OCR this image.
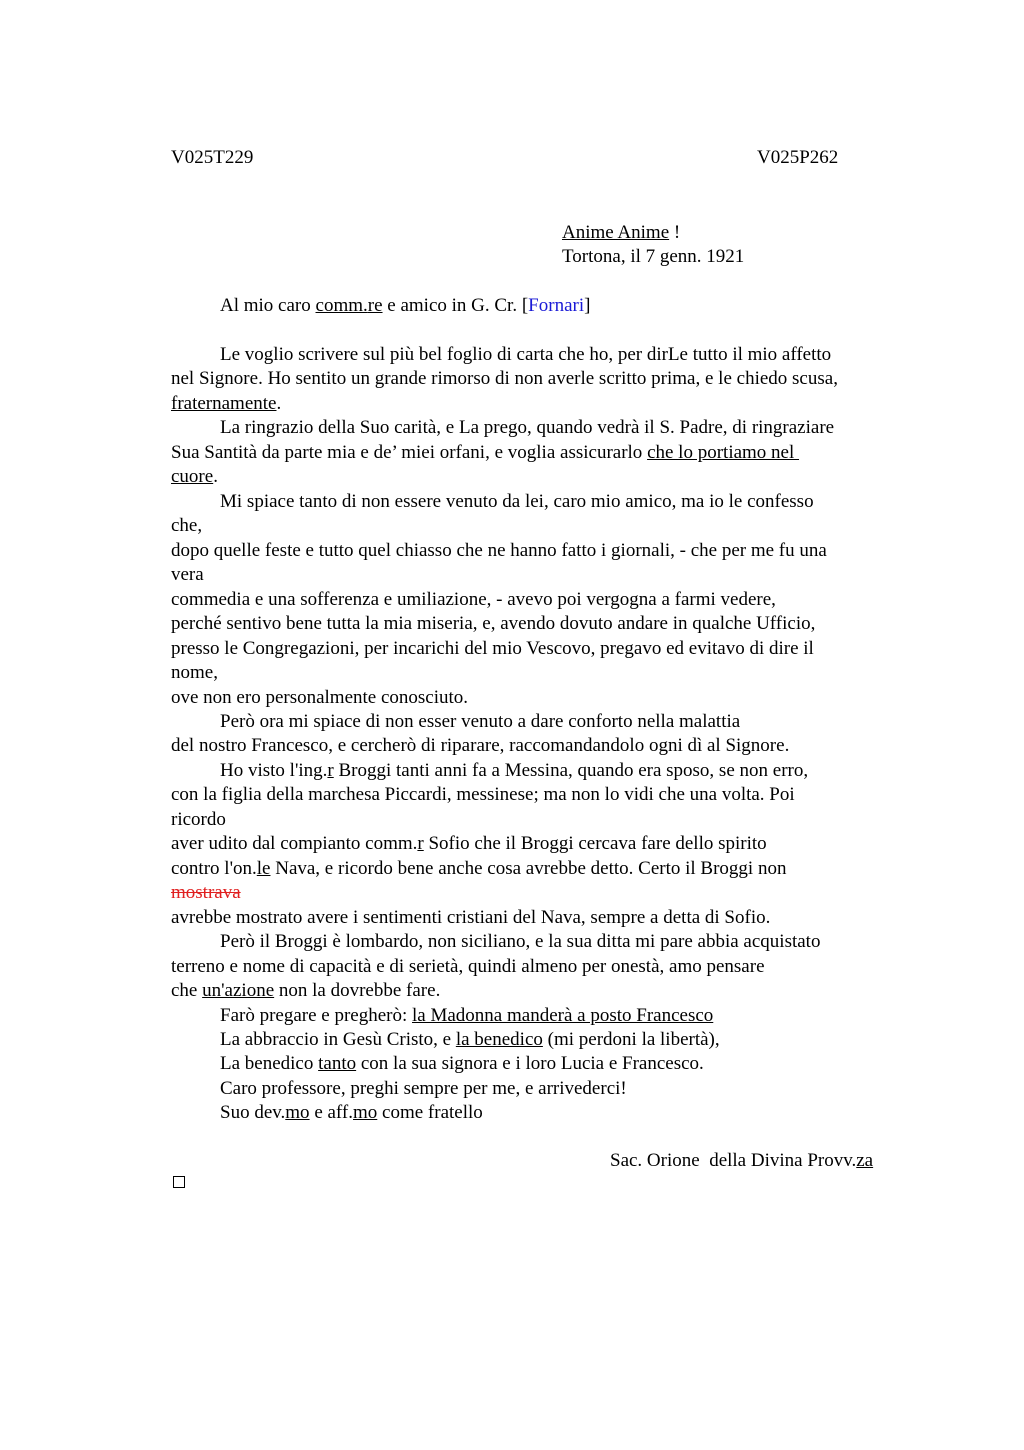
V025T229	V025P262
Anime Anime !
Tortona, il 7 genn. 1921
Al mio caro comm.re e amico in G. Cr. [Fornari]
Le voglio scrivere sul più bel foglio di carta che ho, per dirLe tutto il mio affetto
nel Signore. Ho sentito un grande rimorso di non averle scritto prima, e le chiedo scusa,
fraternamente.
La ringrazio della Suo carità, e La prego, quando vedrà il S. Padre, di ringraziare
Sua Santità da parte mia e de’ miei orfani, e voglia assicurarlo che lo portiamo nel
cuore.
Mi spiace tanto di non essere venuto da lei, caro mio amico, ma io le confesso
che,
dopo quelle feste e tutto quel chiasso che ne hanno fatto i giornali, - che per me fu una
vera
commedia e una sofferenza e umiliazione, - avevo poi vergogna a farmi vedere,
perché sentivo bene tutta la mia miseria, e, avendo dovuto andare in qualche Ufficio,
presso le Congregazioni, per incarichi del mio Vescovo, pregavo ed evitavo di dire il
nome,
ove non ero personalmente conosciuto.
Però ora mi spiace di non esser venuto a dare conforto nella malattia
del nostro Francesco, e cercherò di riparare, raccomandandolo ogni dì al Signore.
Ho visto l'ing.r Broggi tanti anni fa a Messina, quando era sposo, se non erro,
con la figlia della marchesa Piccardi, messinese; ma non lo vidi che una volta. Poi
ricordo
aver udito dal compianto comm.r Sofio che il Broggi cercava fare dello spirito
contro l'on.le Nava, e ricordo bene anche cosa avrebbe detto. Certo il Broggi non
mostrava
avrebbe mostrato avere i sentimenti cristiani del Nava, sempre a detta di Sofio.
Però il Broggi è lombardo, non siciliano, e la sua ditta mi pare abbia acquistato
terreno e nome di capacità e di serietà, quindi almeno per onestà, amo pensare
che un'azione non la dovrebbe fare.
Farò pregare e pregherò: la Madonna manderà a posto Francesco
La abbraccio in Gesù Cristo, e la benedico (mi perdoni la libertà),
La benedico tanto con la sua signora e i loro Lucia e Francesco.
Caro professore, preghi sempre per me, e arrivederci!
Suo dev.mo e aff.mo come fratello
Sac. Orione  della Divina Provv.za
